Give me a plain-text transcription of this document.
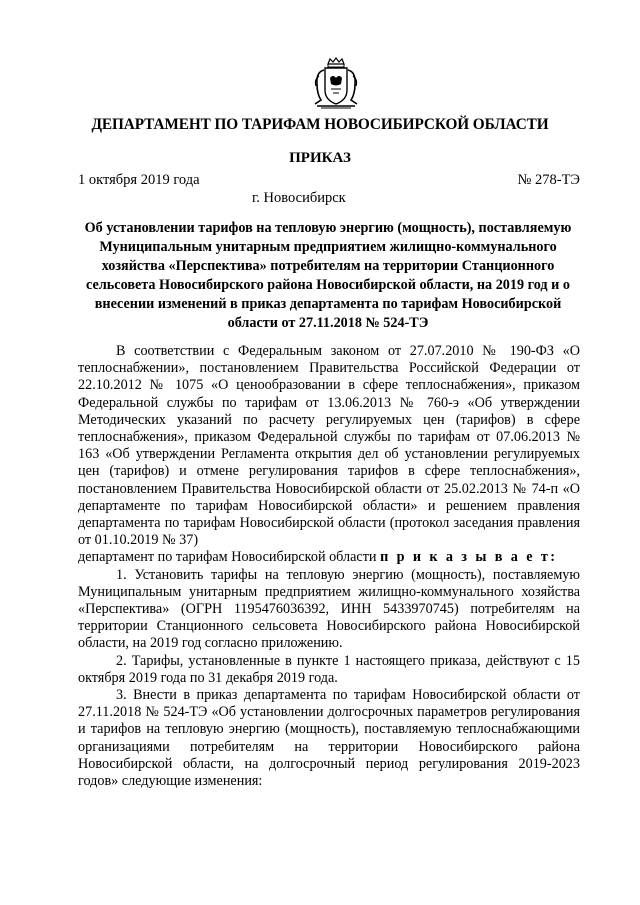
ДЕПАРТАМЕНТ ПО ТАРИФАМ НОВОСИБИРСКОЙ ОБЛАСТИ
ПРИКАЗ
1 октября 2019 года	№ 278-ТЭ
г. Новосибирск
Об установлении тарифов на тепловую энергию (мощность), поставляемую Муниципальным унитарным предприятием жилищно-коммунального хозяйства «Перспектива» потребителям на территории Станционного сельсовета Новосибирского района Новосибирской области, на 2019 год и о внесении изменений в приказ департамента по тарифам Новосибирской области от 27.11.2018 № 524-ТЭ

В соответствии с Федеральным законом от 27.07.2010 № 190-ФЗ «О теплоснабжении», постановлением Правительства Российской Федерации от 22.10.2012 № 1075 «О ценообразовании в сфере теплоснабжения», приказом Федеральной службы по тарифам от 13.06.2013 № 760-э «Об утверждении Методических указаний по расчету регулируемых цен (тарифов) в сфере теплоснабжения», приказом Федеральной службы по тарифам от 07.06.2013 № 163 «Об утверждении Регламента открытия дел об установлении регулируемых цен (тарифов) и отмене регулирования тарифов в сфере теплоснабжения», постановлением Правительства Новосибирской области от 25.02.2013 № 74-п «О департаменте по тарифам Новосибирской области» и решением правления департамента по тарифам Новосибирской области (протокол заседания правления от 01.10.2019 № 37)

департамент по тарифам Новосибирской области п р и к а з ы в а е т:

1. Установить тарифы на тепловую энергию (мощность), поставляемую Муниципальным унитарным предприятием жилищно-коммунального хозяйства «Перспектива» (ОГРН 1195476036392, ИНН 5433970745) потребителям на территории Станционного сельсовета Новосибирского района Новосибирской области, на 2019 год согласно приложению.

2. Тарифы, установленные в пункте 1 настоящего приказа, действуют с 15 октября 2019 года по 31 декабря 2019 года.

3. Внести в приказ департамента по тарифам Новосибирской области от 27.11.2018 № 524-ТЭ «Об установлении долгосрочных параметров регулирования и тарифов на тепловую энергию (мощность), поставляемую теплоснабжающими организациями потребителям на территории Новосибирского района Новосибирской области, на долгосрочный период регулирования 2019-2023 годов» следующие изменения:
